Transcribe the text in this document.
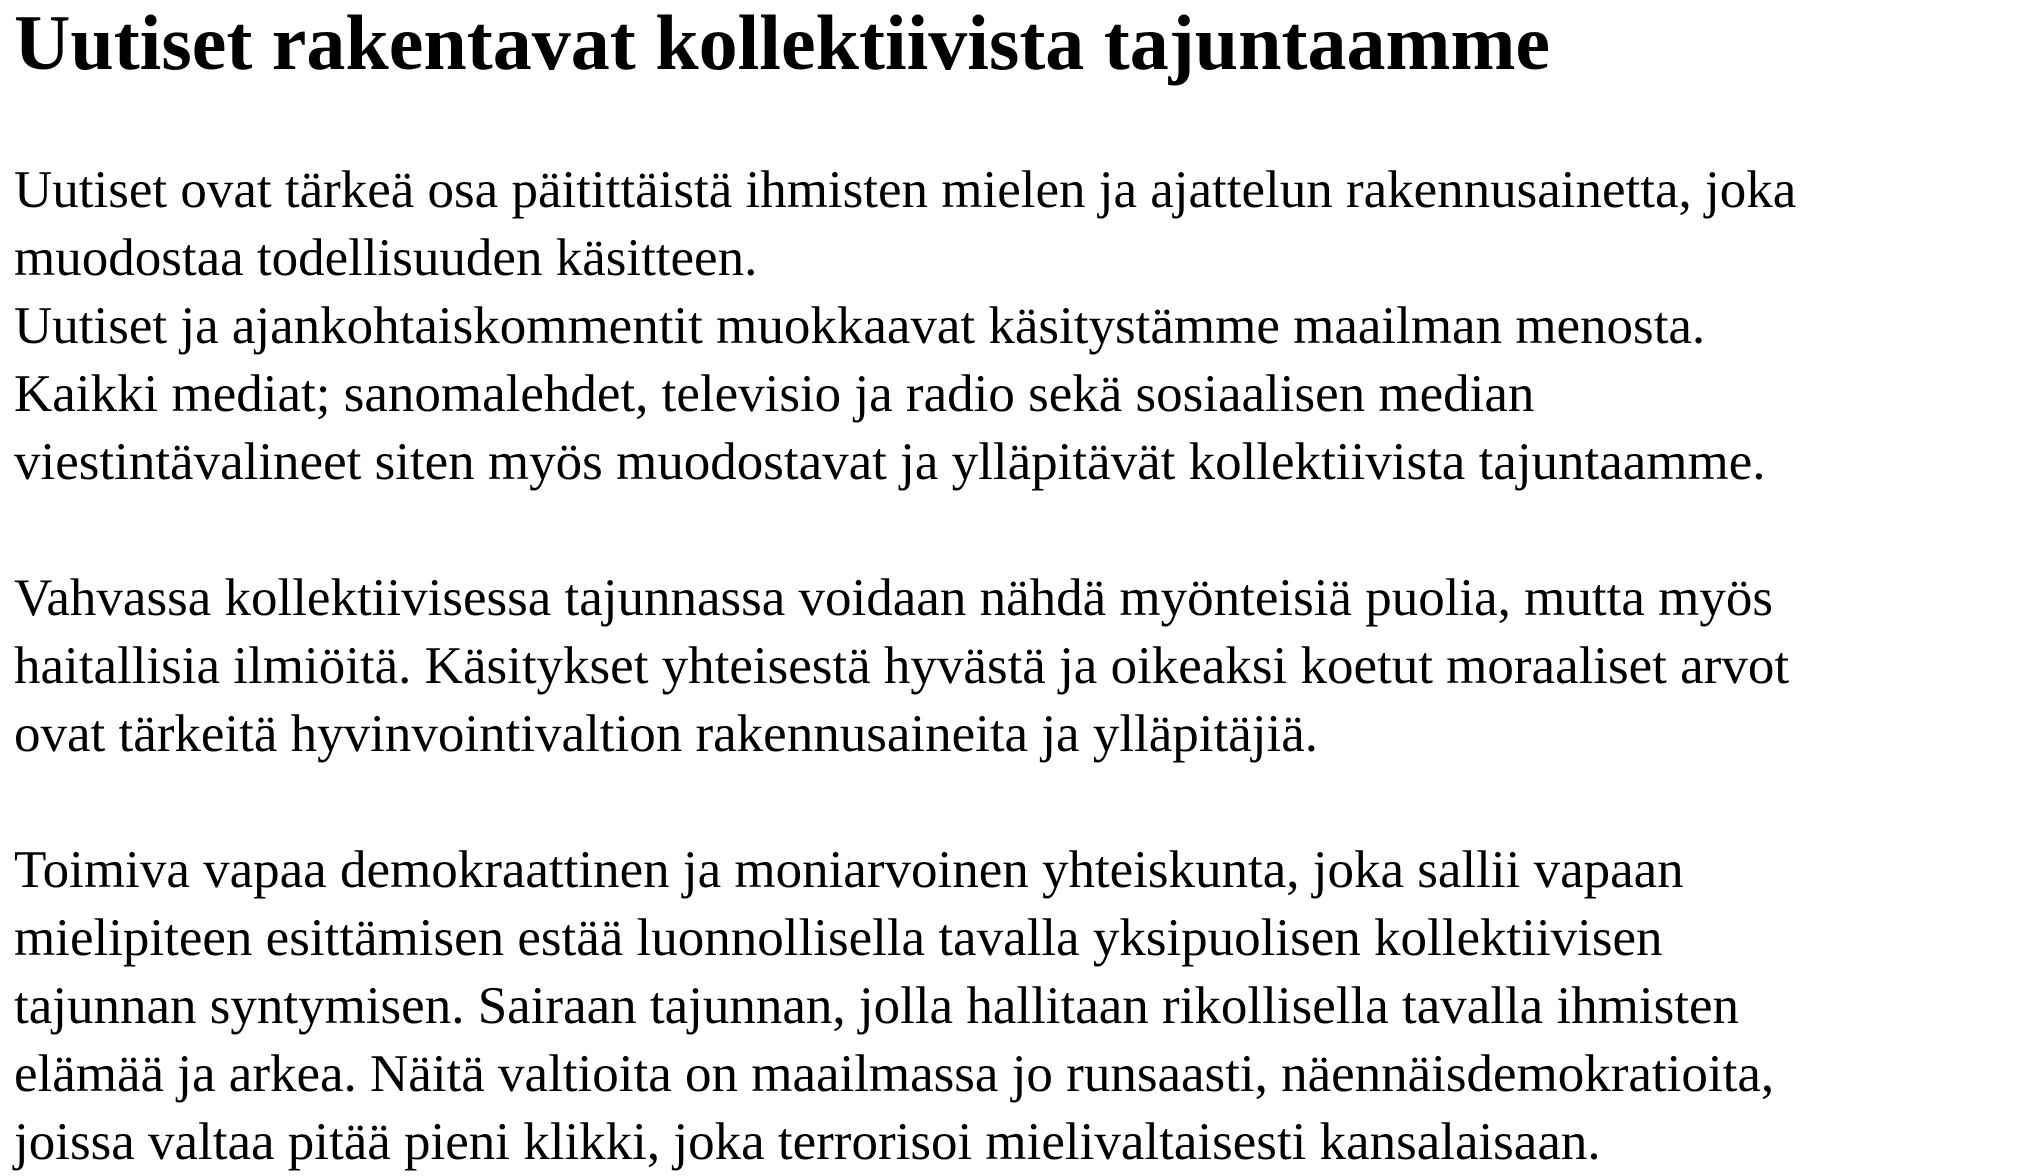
Uutiset rakentavat kollektiivista tajuntaamme

Uutiset ovat tärkeä osa päitittäistä ihmisten mielen ja ajattelun rakennusainetta, joka
muodostaa todellisuuden käsitteen.
Uutiset ja ajankohtaiskommentit muokkaavat käsitystämme maailman menosta.
Kaikki mediat; sanomalehdet, televisio ja radio sekä sosiaalisen median
viestintävalineet siten myös muodostavat ja ylläpitävät kollektiivista tajuntaamme.

Vahvassa kollektiivisessa tajunnassa voidaan nähdä myönteisiä puolia, mutta myös
haitallisia ilmiöitä. Käsitykset yhteisestä hyvästä ja oikeaksi koetut moraaliset arvot
ovat tärkeitä hyvinvointivaltion rakennusaineita ja ylläpitäjiä.

Toimiva vapaa demokraattinen ja moniarvoinen yhteiskunta, joka sallii vapaan
mielipiteen esittämisen estää luonnollisella tavalla yksipuolisen kollektiivisen
tajunnan syntymisen. Sairaan tajunnan, jolla hallitaan rikollisella tavalla ihmisten
elämää ja arkea. Näitä valtioita on maailmassa jo runsaasti, näennäisdemokratioita,
joissa valtaa pitää pieni klikki, joka terrorisoi mielivaltaisesti kansalaisaan.
